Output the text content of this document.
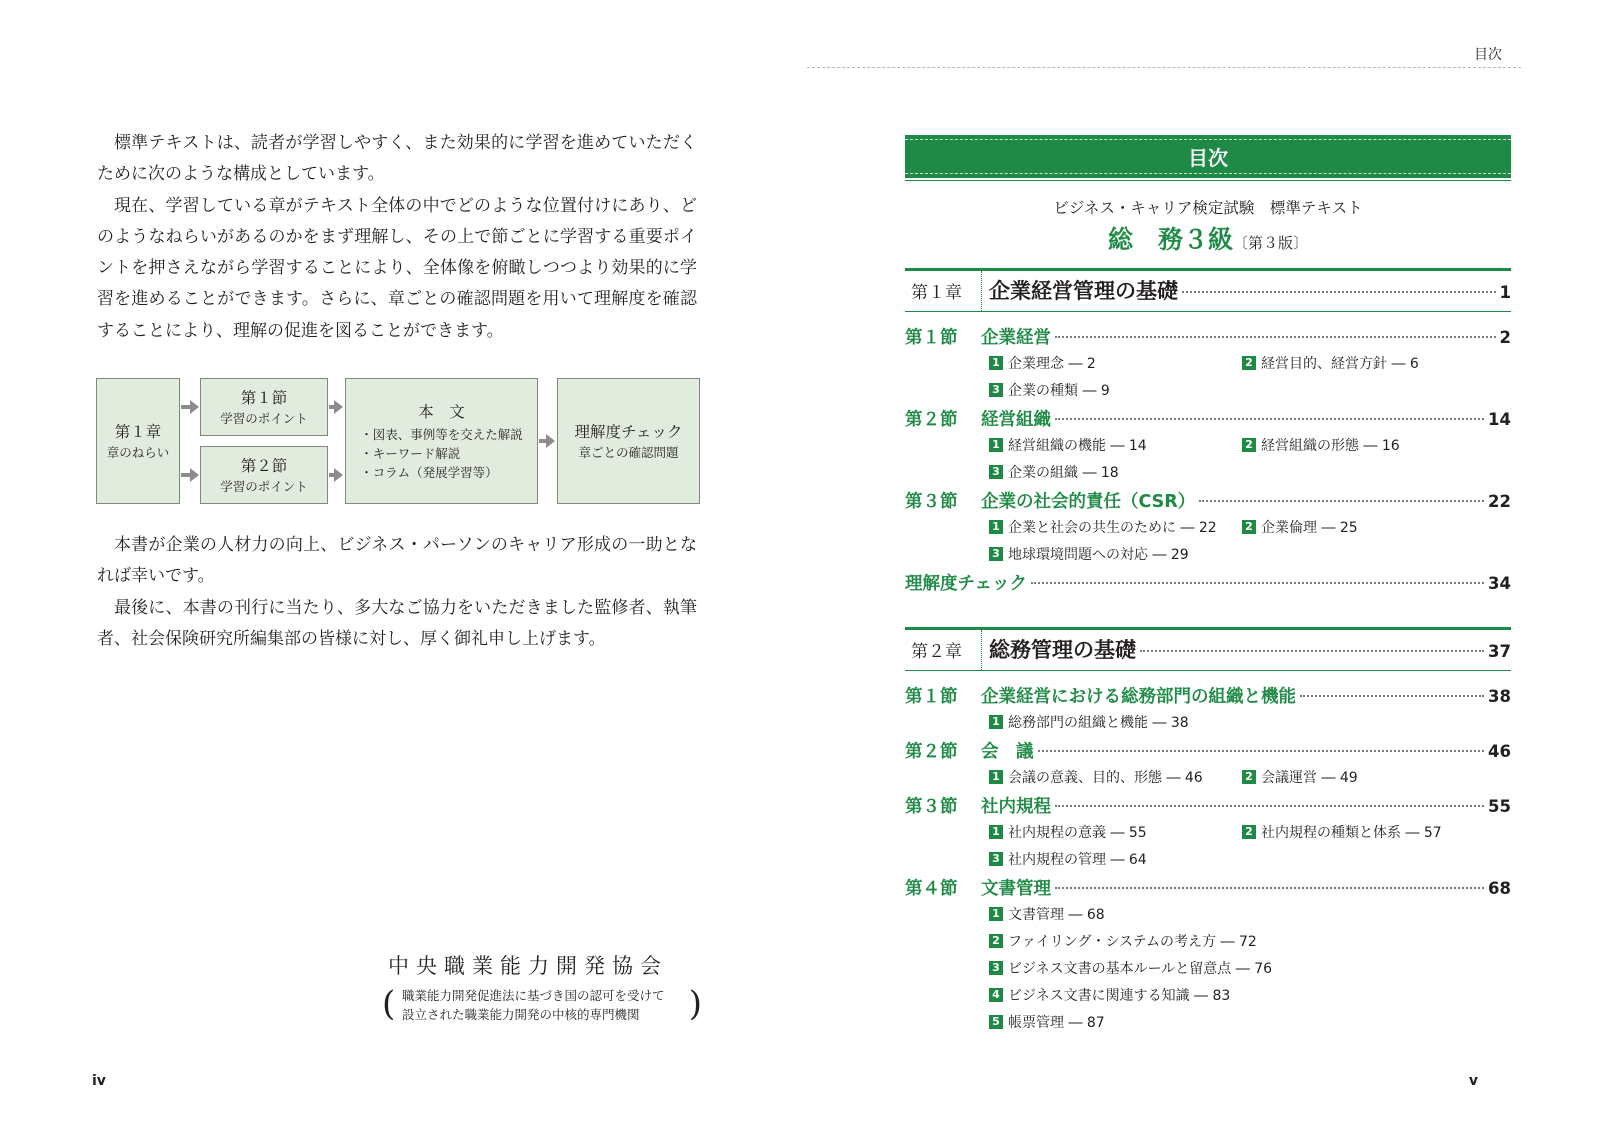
標準テキストは、読者が学習しやすく、また効果的に学習を進めていただくために次のような構成としています。

現在、学習している章がテキスト全体の中でどのような位置付けにあり、どのようなねらいがあるのかをまず理解し、その上で節ごとに学習する重要ポイントを押さえながら学習することにより、全体像を俯瞰しつつより効果的に学習を進めることができます。さらに、章ごとの確認問題を用いて理解度を確認することにより、理解の促進を図ることができます。

第１章
章のねらい
第１節
学習のポイント
第２節
学習のポイント
本　文
・図表、事例等を交えた解説
・キーワード解説
・コラム（発展学習等）
理解度チェック
章ごとの確認問題

本書が企業の人材力の向上、ビジネス・パーソンのキャリア形成の一助となれば幸いです。

最後に、本書の刊行に当たり、多大なご協力をいただきました監修者、執筆者、社会保険研究所編集部の皆様に対し、厚く御礼申し上げます。

中央職業能力開発協会
( 職業能力開発促進法に基づき国の認可を受けて
設立された職業能力開発の中核的専門機関	)
iv
目次
目次
ビジネス・キャリア検定試験　標準テキスト
総　務３級〔第３版〕
第１章 企業経営管理の基礎	1
第１節	企業経営	2
1 企業理念 ― 2	2 経営目的、経営方針 ― 6
3 企業の種類 ― 9
第２節	経営組織	14
1 経営組織の機能 ― 14	2 経営組織の形態 ― 16
3 企業の組織 ― 18
第３節	企業の社会的責任（CSR）	22
1 企業と社会の共生のために ― 22	2 企業倫理 ― 25
3 地球環境問題への対応 ― 29
理解度チェック	34
第２章 総務管理の基礎	37
第１節	企業経営における総務部門の組織と機能	38
1 総務部門の組織と機能 ― 38
第２節	会　議	46
1 会議の意義、目的、形態 ― 46	2 会議運営 ― 49
第３節	社内規程	55
1 社内規程の意義 ― 55	2 社内規程の種類と体系 ― 57
3 社内規程の管理 ― 64
第４節	文書管理	68
1 文書管理 ― 68
2 ファイリング・システムの考え方 ― 72
3 ビジネス文書の基本ルールと留意点 ― 76
4 ビジネス文書に関連する知識 ― 83
5 帳票管理 ― 87
v
